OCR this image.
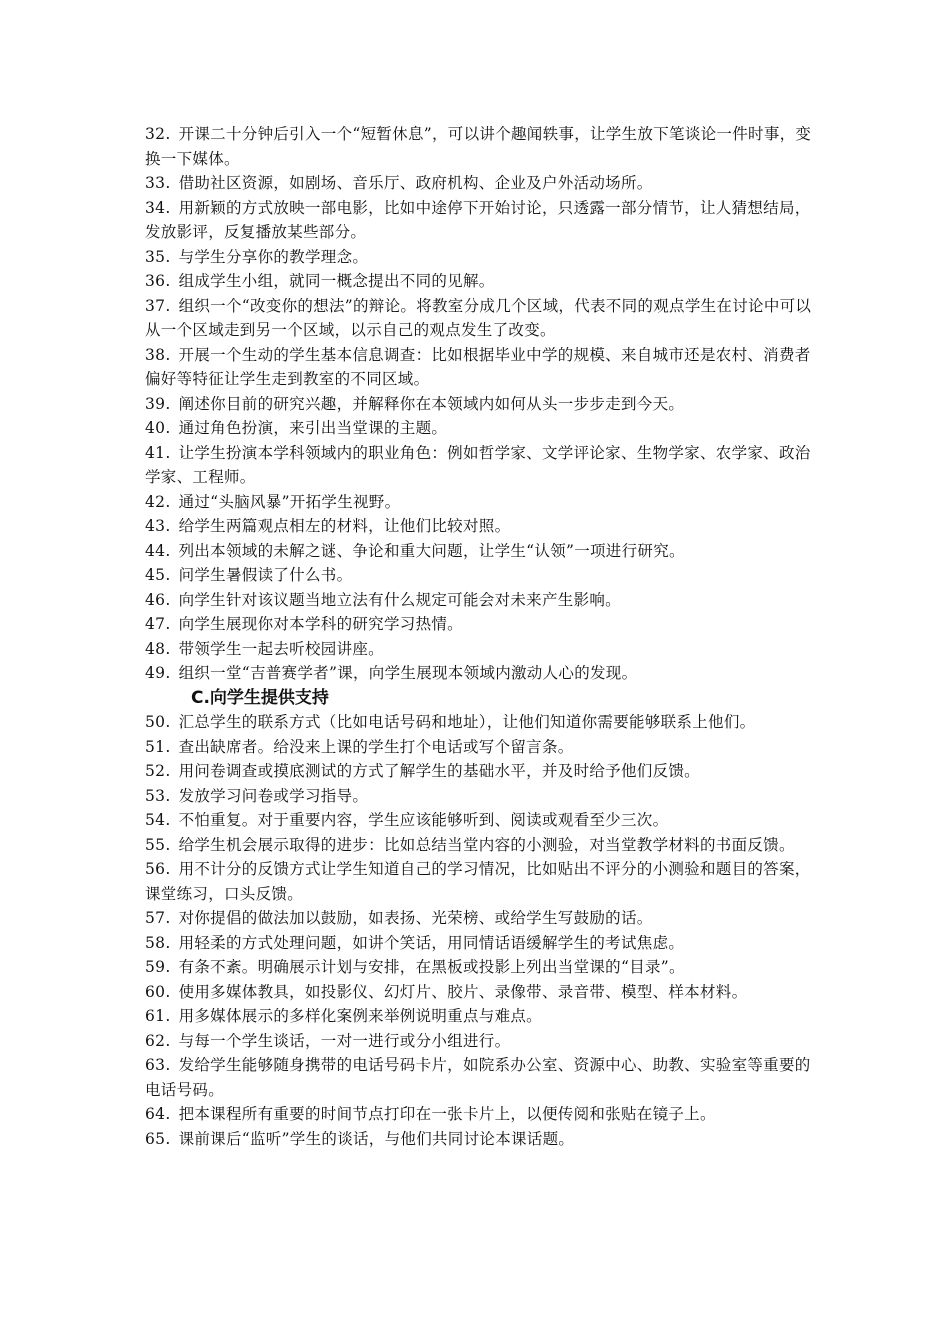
32. 开课二十分钟后引入一个“短暂休息”，可以讲个趣闻轶事，让学生放下笔谈论一件时事，变换一下媒体。

33. 借助社区资源，如剧场、音乐厅、政府机构、企业及户外活动场所。

34. 用新颖的方式放映一部电影，比如中途停下开始讨论，只透露一部分情节，让人猜想结局，发放影评，反复播放某些部分。

35. 与学生分享你的教学理念。

36. 组成学生小组，就同一概念提出不同的见解。

37. 组织一个“改变你的想法”的辩论。将教室分成几个区域，代表不同的观点学生在讨论中可以从一个区域走到另一个区域，以示自己的观点发生了改变。

38. 开展一个生动的学生基本信息调查：比如根据毕业中学的规模、来自城市还是农村、消费者偏好等特征让学生走到教室的不同区域。

39. 阐述你目前的研究兴趣，并解释你在本领域内如何从头一步步走到今天。

40. 通过角色扮演，来引出当堂课的主题。

41. 让学生扮演本学科领域内的职业角色：例如哲学家、文学评论家、生物学家、农学家、政治学家、工程师。

42. 通过“头脑风暴”开拓学生视野。

43. 给学生两篇观点相左的材料，让他们比较对照。

44. 列出本领域的未解之谜、争论和重大问题，让学生“认领”一项进行研究。

45. 问学生暑假读了什么书。

46. 向学生针对该议题当地立法有什么规定可能会对未来产生影响。

47. 向学生展现你对本学科的研究学习热情。

48. 带领学生一起去听校园讲座。

49. 组织一堂“吉普赛学者”课，向学生展现本领域内激动人心的发现。

C.向学生提供支持

50. 汇总学生的联系方式（比如电话号码和地址），让他们知道你需要能够联系上他们。

51. 查出缺席者。给没来上课的学生打个电话或写个留言条。

52. 用问卷调查或摸底测试的方式了解学生的基础水平，并及时给予他们反馈。

53. 发放学习问卷或学习指导。

54. 不怕重复。对于重要内容，学生应该能够听到、阅读或观看至少三次。

55. 给学生机会展示取得的进步：比如总结当堂内容的小测验，对当堂教学材料的书面反馈。

56. 用不计分的反馈方式让学生知道自己的学习情况，比如贴出不评分的小测验和题目的答案，课堂练习，口头反馈。

57. 对你提倡的做法加以鼓励，如表扬、光荣榜、或给学生写鼓励的话。

58. 用轻柔的方式处理问题，如讲个笑话，用同情话语缓解学生的考试焦虑。

59. 有条不紊。明确展示计划与安排，在黑板或投影上列出当堂课的“目录”。

60. 使用多媒体教具，如投影仪、幻灯片、胶片、录像带、录音带、模型、样本材料。

61. 用多媒体展示的多样化案例来举例说明重点与难点。

62. 与每一个学生谈话，一对一进行或分小组进行。

63. 发给学生能够随身携带的电话号码卡片，如院系办公室、资源中心、助教、实验室等重要的电话号码。

64. 把本课程所有重要的时间节点打印在一张卡片上，以便传阅和张贴在镜子上。

65. 课前课后“监听”学生的谈话，与他们共同讨论本课话题。
